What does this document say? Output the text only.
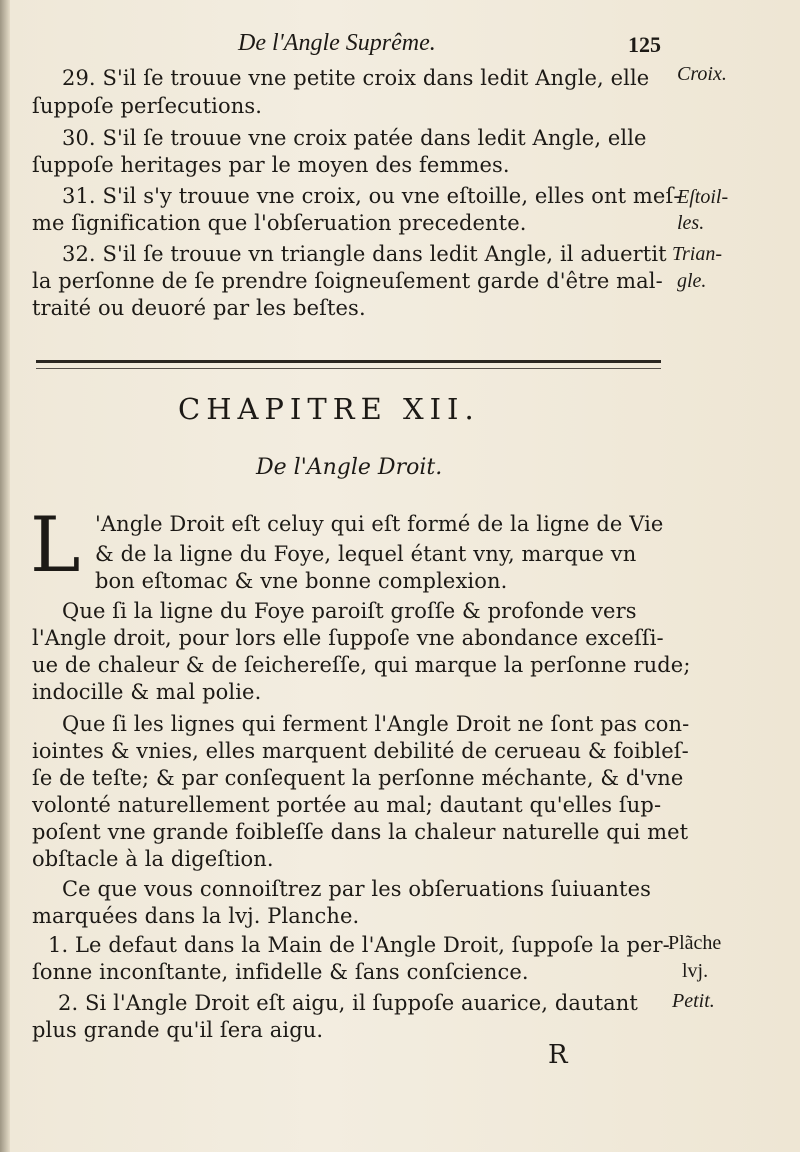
De l'Angle Suprême.	125
29. S'il ſe trouue vne petite croix dans ledit Angle, elle
ſuppoſe perſecutions.
30. S'il ſe trouue vne croix patée dans ledit Angle, elle
ſuppoſe heritages par le moyen des femmes.
31. S'il s'y trouue vne croix, ou vne eſtoille, elles ont meſ-
me ſignification que l'obſeruation precedente.
32. S'il ſe trouue vn triangle dans ledit Angle, il aduertit
la perſonne de ſe prendre ſoigneuſement garde d'être mal-
traité ou deuoré par les beſtes.
Croix.
Eſtoil-
les.
Trian-
gle.
CHAPITRE XII.
De l'Angle Droit.
L 'Angle Droit eſt celuy qui eſt formé de la ligne de Vie
& de la ligne du Foye, lequel étant vny, marque vn
bon eſtomac & vne bonne complexion.
Que ſi la ligne du Foye paroiſt groſſe & profonde vers
l'Angle droit, pour lors elle ſuppoſe vne abondance exceſſi-
ue de chaleur & de ſeichereſſe, qui marque la perſonne rude;
indocille & mal polie.
Que ſi les lignes qui ferment l'Angle Droit ne ſont pas con-
iointes & vnies, elles marquent debilité de cerueau & foibleſ-
ſe de teſte; & par conſequent la perſonne méchante, & d'vne
volonté naturellement portée au mal; dautant qu'elles ſup-
poſent vne grande foibleſſe dans la chaleur naturelle qui met
obſtacle à la digeſtion.
Ce que vous connoiſtrez par les obſeruations ſuiuantes
marquées dans la lvj. Planche.
1. Le defaut dans la Main de l'Angle Droit, ſuppoſe la per-
ſonne inconſtante, infidelle & ſans conſcience.
2. Si l'Angle Droit eſt aigu, il ſuppoſe auarice, dautant
plus grande qu'il ſera aigu.
Plãche
lvj.
Petit.
R
